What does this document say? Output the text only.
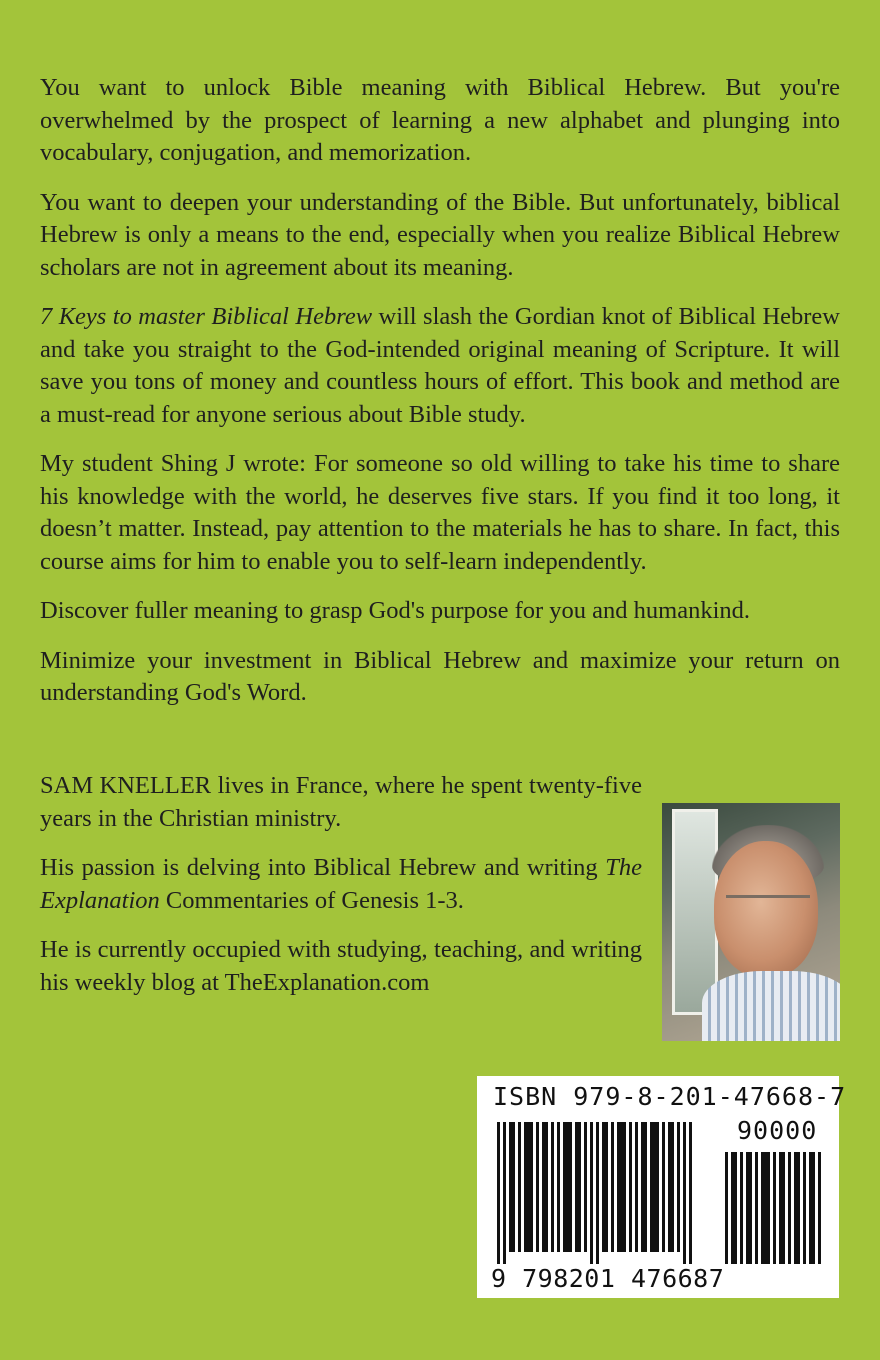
You want to unlock Bible meaning with Biblical Hebrew. But you're overwhelmed by the prospect of learning a new alphabet and plunging into vocabulary, conjugation, and memorization.

You want to deepen your understanding of the Bible. But unfortunately, biblical Hebrew is only a means to the end, especially when you realize Biblical Hebrew scholars are not in agreement about its meaning.

7 Keys to master Biblical Hebrew will slash the Gordian knot of Biblical Hebrew and take you straight to the God-intended original meaning of Scripture. It will save you tons of money and countless hours of effort. This book and method are a must-read for anyone serious about Bible study.

My student Shing J wrote: For someone so old willing to take his time to share his knowledge with the world, he deserves five stars. If you find it too long, it doesn’t matter. Instead, pay attention to the materials he has to share. In fact, this course aims for him to enable you to self-learn independently.

Discover fuller meaning to grasp God's purpose for you and humankind.

Minimize your investment in Biblical Hebrew and maximize your return on understanding God's Word.

SAM KNELLER lives in France, where he spent twenty-five years in the Christian ministry.

His passion is delving into Biblical Hebrew and writing The Explanation Commentaries of Genesis 1-3.

He is currently occupied with studying, teaching, and writing his weekly blog at TheExplanation.com

ISBN 979-8-201-47668-7
90000
9 798201 476687
